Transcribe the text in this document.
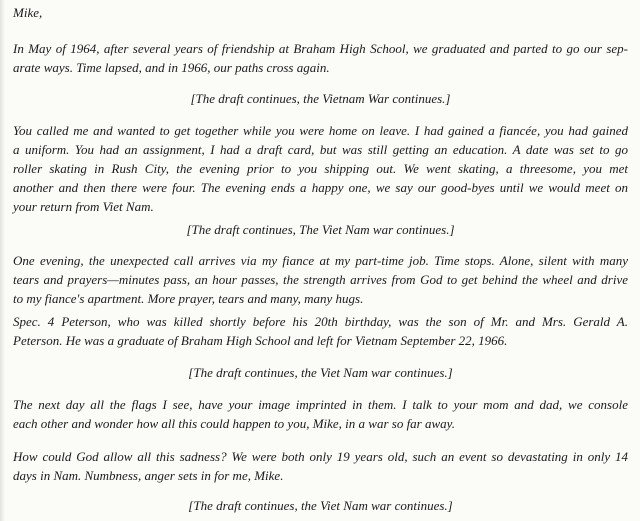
Mike,

In May of 1964, after several years of friendship at Braham High School, we graduated and parted to go our sep-
arate ways. Time lapsed, and in 1966, our paths cross again.

[The draft continues, the Vietnam War continues.]

You called me and wanted to get together while you were home on leave. I had gained a fiancée, you had gained
a uniform. You had an assignment, I had a draft card, but was still getting an education. A date was set to go
roller skating in Rush City, the evening prior to you shipping out. We went skating, a threesome, you met
another and then there were four. The evening ends a happy one, we say our good-byes until we would meet on
your return from Viet Nam.

[The draft continues, The Viet Nam war continues.]

One evening, the unexpected call arrives via my fiance at my part-time job. Time stops. Alone, silent with many
tears and prayers—minutes pass, an hour passes, the strength arrives from God to get behind the wheel and drive
to my fiance's apartment. More prayer, tears and many, many hugs.

Spec. 4 Peterson, who was killed shortly before his 20th birthday, was the son of Mr. and Mrs. Gerald A.
Peterson. He was a graduate of Braham High School and left for Vietnam September 22, 1966.

[The draft continues, the Viet Nam war continues.]

The next day all the flags I see, have your image imprinted in them. I talk to your mom and dad, we console
each other and wonder how all this could happen to you, Mike, in a war so far away.

How could God allow all this sadness? We were both only 19 years old, such an event so devastating in only 14
days in Nam. Numbness, anger sets in for me, Mike.

[The draft continues, the Viet Nam war continues.]
